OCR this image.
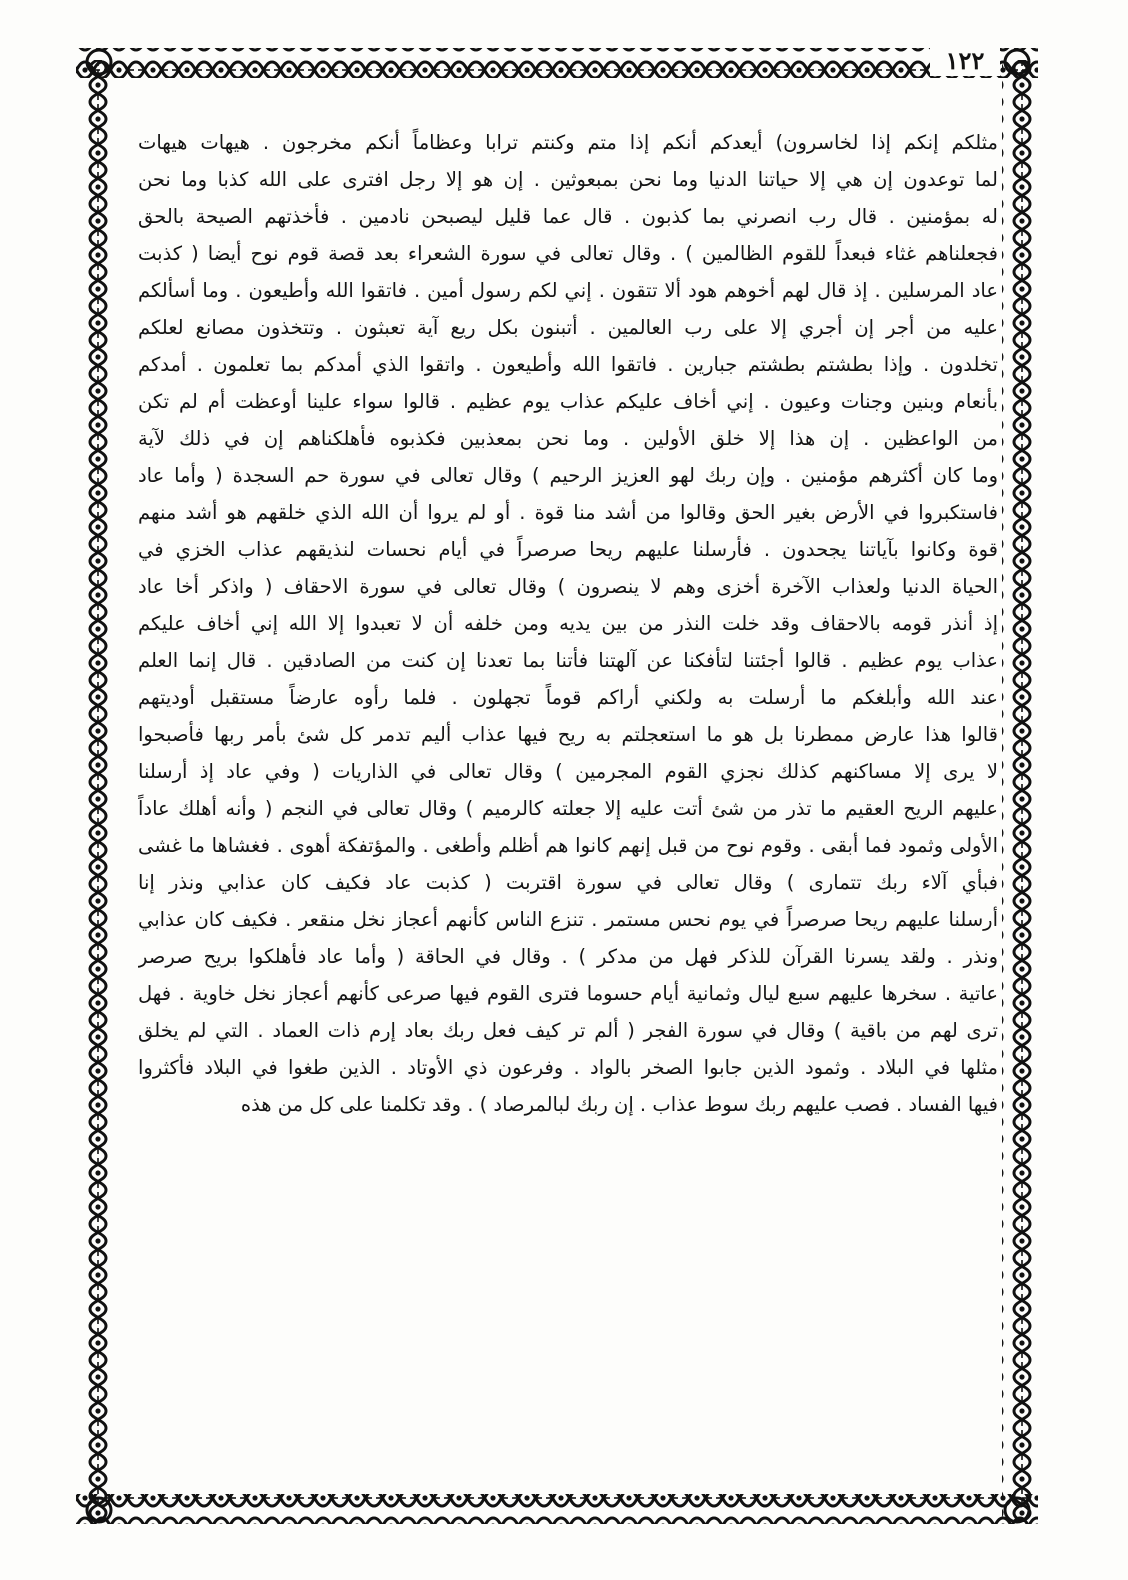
١٢٢
مثلكم إنكم إذا لخاسرون) أيعدكم أنكم إذا متم وكنتم ترابا وعظاماً أنكم مخرجون . هيهات هيهات
لما توعدون إن هي إلا حياتنا الدنيا وما نحن بمبعوثين . إن هو إلا رجل افترى على الله كذبا وما نحن
له بمؤمنين . قال رب انصرني بما كذبون . قال عما قليل ليصبحن نادمين . فأخذتهم الصيحة بالحق
فجعلناهم غثاء فبعداً للقوم الظالمين ) . وقال تعالى في سورة الشعراء بعد قصة قوم نوح أيضا ( كذبت
عاد المرسلين . إذ قال لهم أخوهم هود ألا تتقون . إني لكم رسول أمين . فاتقوا الله وأطيعون . وما أسألكم
عليه من أجر إن أجري إلا على رب العالمين . أتبنون بكل ريع آية تعبثون . وتتخذون مصانع لعلكم
تخلدون . وإذا بطشتم بطشتم جبارين . فاتقوا الله وأطيعون . واتقوا الذي أمدكم بما تعلمون . أمدكم
بأنعام وبنين وجنات وعيون . إني أخاف عليكم عذاب يوم عظيم . قالوا سواء علينا أوعظت أم لم تكن
من الواعظين . إن هذا إلا خلق الأولين . وما نحن بمعذبين فكذبوه فأهلكناهم إن في ذلك لآية
وما كان أكثرهم مؤمنين . وإن ربك لهو العزيز الرحيم ) وقال تعالى في سورة حم السجدة ( وأما عاد
فاستكبروا في الأرض بغير الحق وقالوا من أشد منا قوة . أو لم يروا أن الله الذي خلقهم هو أشد منهم
قوة وكانوا بآياتنا يجحدون . فأرسلنا عليهم ريحا صرصراً في أيام نحسات لنذيقهم عذاب الخزي في
الحياة الدنيا ولعذاب الآخرة أخزى وهم لا ينصرون ) وقال تعالى في سورة الاحقاف ( واذكر أخا عاد
إذ أنذر قومه بالاحقاف وقد خلت النذر من بين يديه ومن خلفه أن لا تعبدوا إلا الله إني أخاف عليكم
عذاب يوم عظيم . قالوا أجئتنا لتأفكنا عن آلهتنا فأتنا بما تعدنا إن كنت من الصادقين . قال إنما العلم
عند الله وأبلغكم ما أرسلت به ولكني أراكم قوماً تجهلون . فلما رأوه عارضاً مستقبل أوديتهم
قالوا هذا عارض ممطرنا بل هو ما استعجلتم به ريح فيها عذاب أليم تدمر كل شئ بأمر ربها فأصبحوا
لا يرى إلا مساكنهم كذلك نجزي القوم المجرمين ) وقال تعالى في الذاريات ( وفي عاد إذ أرسلنا
عليهم الريح العقيم ما تذر من شئ أتت عليه إلا جعلته كالرميم ) وقال تعالى في النجم ( وأنه أهلك عاداً
الأولى وثمود فما أبقى . وقوم نوح من قبل إنهم كانوا هم أظلم وأطغى . والمؤتفكة أهوى . فغشاها ما غشى
فبأي آلاء ربك تتمارى ) وقال تعالى في سورة اقتربت ( كذبت عاد فكيف كان عذابي ونذر إنا
أرسلنا عليهم ريحا صرصراً في يوم نحس مستمر . تنزع الناس كأنهم أعجاز نخل منقعر . فكيف كان عذابي
ونذر . ولقد يسرنا القرآن للذكر فهل من مدكر ) . وقال في الحاقة ( وأما عاد فأهلكوا بريح صرصر
عاتية . سخرها عليهم سبع ليال وثمانية أيام حسوما فترى القوم فيها صرعى كأنهم أعجاز نخل خاوية . فهل
ترى لهم من باقية ) وقال في سورة الفجر ( ألم تر كيف فعل ربك بعاد إرم ذات العماد . التي لم يخلق
مثلها في البلاد . وثمود الذين جابوا الصخر بالواد . وفرعون ذي الأوتاد . الذين طغوا في البلاد فأكثروا
فيها الفساد . فصب عليهم ربك سوط عذاب . إن ربك لبالمرصاد ) . وقد تكلمنا على كل من هذه
